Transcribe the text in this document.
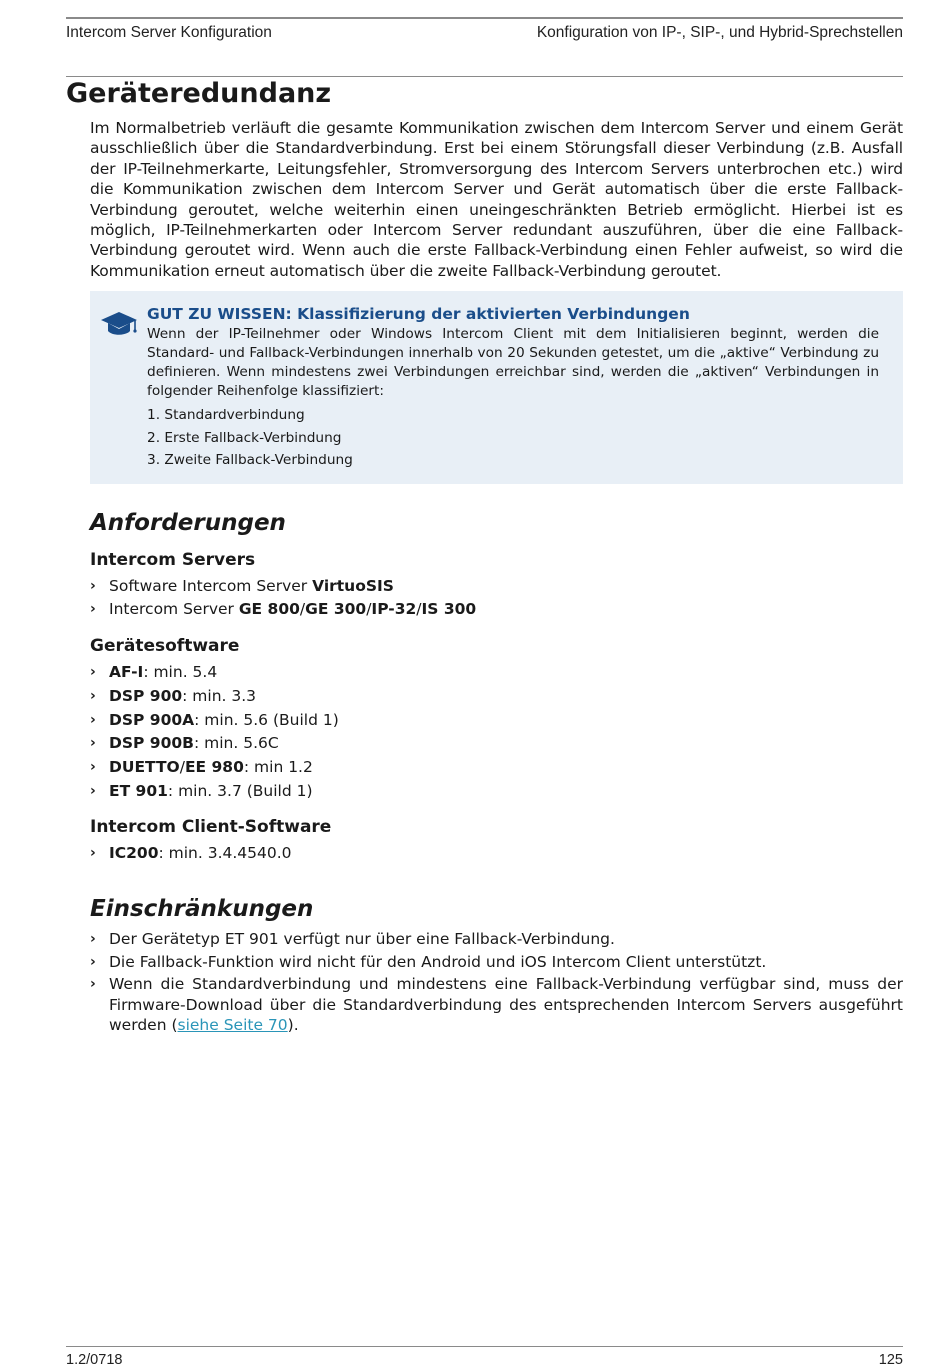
Intercom Server Konfiguration	Konfiguration von IP-, SIP-, und Hybrid-Sprechstellen
Geräteredundanz

Im Normalbetrieb verläuft die gesamte Kommunikation zwischen dem Intercom Server und einem Gerät ausschließlich über die Standardverbindung. Erst bei einem Störungsfall dieser Verbindung (z.B. Ausfall der IP-Teilnehmerkarte, Leitungsfehler, Stromversorgung des Intercom Servers unterbrochen etc.) wird die Kommunikation zwischen dem Intercom Server und Gerät automatisch über die erste Fallback-Verbindung geroutet, welche weiterhin einen uneingeschränkten Betrieb ermöglicht. Hierbei ist es möglich, IP-Teilnehmerkarten oder Intercom Server redundant auszuführen, über die eine Fallback-Verbindung geroutet wird. Wenn auch die erste Fallback-Verbindung einen Fehler aufweist, so wird die Kommunikation erneut automatisch über die zweite Fallback-Verbindung geroutet.

GUT ZU WISSEN: Klassifizierung der aktivierten Verbindungen

Wenn der IP-Teilnehmer oder Windows Intercom Client mit dem Initialisieren beginnt, werden die Standard- und Fallback-Verbindungen innerhalb von 20 Sekunden getestet, um die „aktive“ Verbindung zu definieren. Wenn mindestens zwei Verbindungen erreichbar sind, werden die „aktiven“ Verbindungen in folgender Reihenfolge klassifiziert:

1. Standardverbindung
2. Erste Fallback-Verbindung
3. Zweite Fallback-Verbindung
Anforderungen
Intercom Servers
› Software Intercom Server VirtuoSIS
› Intercom Server GE 800/GE 300/IP-32/IS 300
Gerätesoftware
› AF-I: min. 5.4
› DSP 900: min. 3.3
› DSP 900A: min. 5.6 (Build 1)
› DSP 900B: min. 5.6C
› DUETTO/EE 980: min 1.2
› ET 901: min. 3.7 (Build 1)
Intercom Client-Software
› IC200: min. 3.4.4540.0
Einschränkungen
› Der Gerätetyp ET 901 verfügt nur über eine Fallback-Verbindung.
› Die Fallback-Funktion wird nicht für den Android und iOS Intercom Client unterstützt.
› Wenn die Standardverbindung und mindestens eine Fallback-Verbindung verfügbar sind, muss der Firmware-Download über die Standardverbindung des entsprechenden Intercom Servers ausgeführt werden (siehe Seite 70).
1.2/0718	125
